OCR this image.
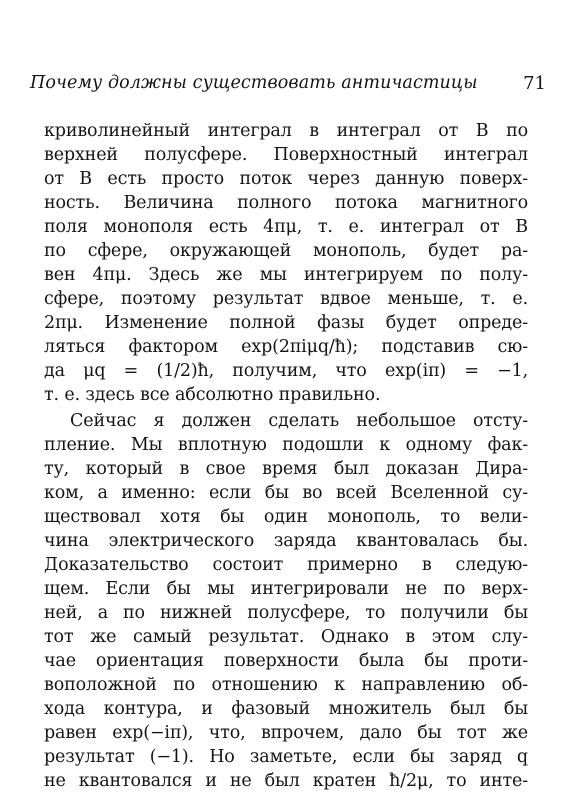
Почему должны существовать античастицы	71
криволинейный интеграл в интеграл от B по
верхней полусфере. Поверхностный интеграл
от B есть просто поток через данную поверх-
ность. Величина полного потока магнитного
поля монополя есть 4πμ, т. е. интеграл от B
по сфере, окружающей монополь, будет ра-
вен 4πμ. Здесь же мы интегрируем по полу-
сфере, поэтому результат вдвое меньше, т. е.
2πμ. Изменение полной фазы будет опреде-
ляться фактором exp(2πiμq/ħ); подставив сю-
да μq = (1/2)ħ, получим, что exp(iπ) = −1,
т. е. здесь все абсолютно правильно.
Сейчас я должен сделать небольшое отсту-
пление. Мы вплотную подошли к одному фак-
ту, который в свое время был доказан Дира-
ком, а именно: если бы во всей Вселенной су-
ществовал хотя бы один монополь, то вели-
чина электрического заряда квантовалась бы.
Доказательство состоит примерно в следую-
щем. Если бы мы интегрировали не по верх-
ней, а по нижней полусфере, то получили бы
тот же самый результат. Однако в этом слу-
чае ориентация поверхности была бы проти-
воположной по отношению к направлению об-
хода контура, и фазовый множитель был бы
равен exp(−iπ), что, впрочем, дало бы тот же
результат (−1). Но заметьте, если бы заряд q
не квантовался и не был кратен ħ/2μ, то инте-
